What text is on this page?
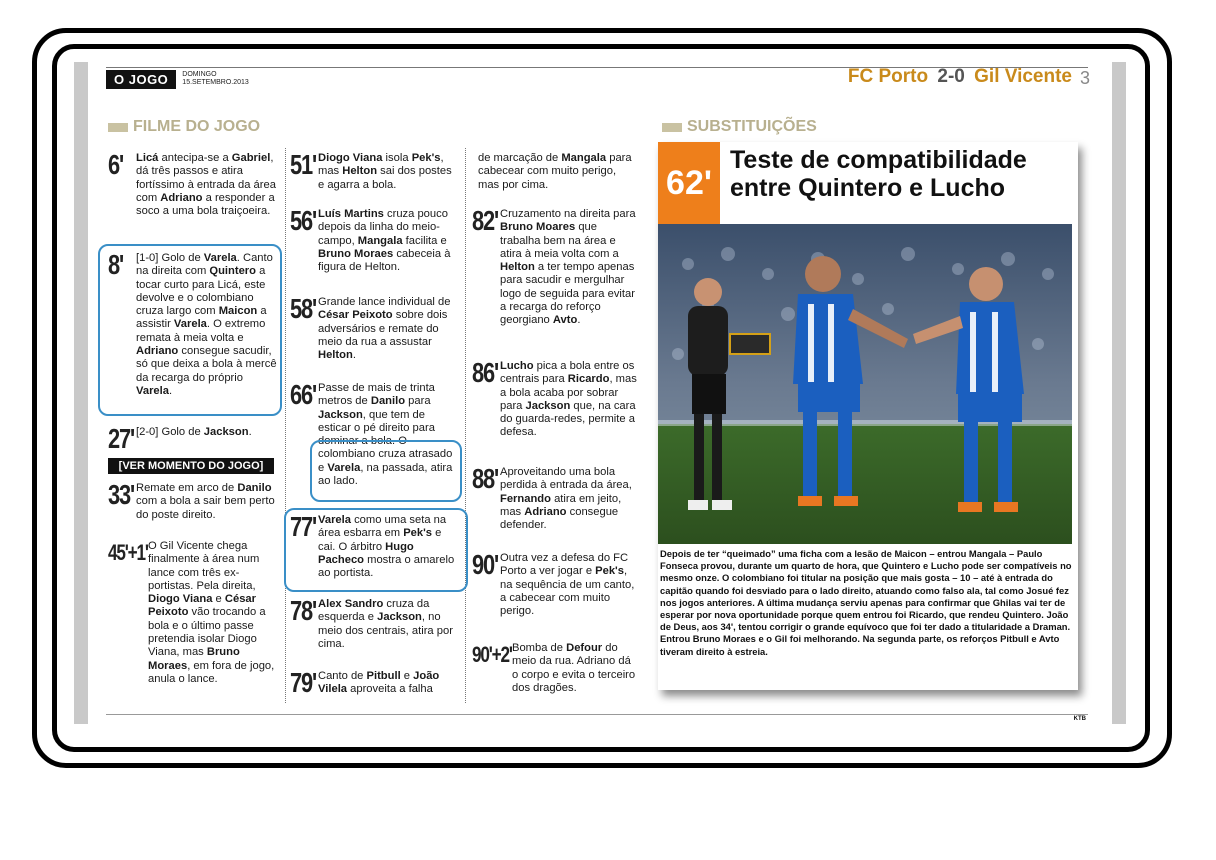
O JOGO	DOMINGO
15.SETEMBRO.2013	FC Porto 2-0 Gil Vicente 3
FILME DO JOGO	SUBSTITUIÇÕES
6'	Licá antecipa-se a Gabriel, dá três passos e atira fortíssimo à entrada da área com Adriano a responder a soco a uma bola traiçoeira.
8'	[1-0] Golo de Varela. Canto na direita com Quintero a tocar curto para Licá, este devolve e o colombiano cruza largo com Maicon a assistir Varela. O extremo remata à meia volta e Adriano consegue sacudir, só que deixa a bola à mercê da recarga do próprio Varela.
27' [2-0] Golo de Jackson.
33' Remate em arco de Danilo com a bola a sair bem perto do poste direito.
45'+1' O Gil Vicente chega finalmente à área num lance com três ex-portistas. Pela direita, Diogo Viana e César Peixoto vão trocando a bola e o último passe pretendia isolar Diogo Viana, mas Bruno Moraes, em fora de jogo, anula o lance.
51' Diogo Viana isola Pek's, mas Helton sai dos postes e agarra a bola.
56' Luís Martins cruza pouco depois da linha do meio-campo, Mangala facilita e Bruno Moraes cabeceia à figura de Helton.
58' Grande lance individual de César Peixoto sobre dois adversários e remate do meio da rua a assustar Helton.
66' Passe de mais de trinta metros de Danilo para Jackson, que tem de esticar o pé direito para dominar a bola. O colombiano cruza atrasado e Varela, na passada, atira ao lado.
77' Varela como uma seta na área esbarra em Pek's e cai. O árbitro Hugo Pacheco mostra o amarelo ao portista.
78' Alex Sandro cruza da esquerda e Jackson, no meio dos centrais, atira por cima.
79' Canto de Pitbull e João Vilela aproveita a falha
de marcação de Mangala para cabecear com muito perigo, mas por cima.
82' Cruzamento na direita para Bruno Moares que trabalha bem na área e atira à meia volta com a Helton a ter tempo apenas para sacudir e mergulhar logo de seguida para evitar a recarga do reforço georgiano Avto.
86' Lucho pica a bola entre os centrais para Ricardo, mas a bola acaba por sobrar para Jackson que, na cara do guarda-redes, permite a defesa.
88' Aproveitando uma bola perdida à entrada da área, Fernando atira em jeito, mas Adriano consegue defender.
90' Outra vez a defesa do FC Porto a ver jogar e Pek's, na sequência de um canto, a cabecear com muito perigo.
90'+2' Bomba de Defour do meio da rua. Adriano dá o corpo e evita o terceiro dos dragões.
[VER MOMENTO DO JOGO]
62'
Teste de compatibilidade entre Quintero e Lucho
Depois de ter “queimado” uma ficha com a lesão de Maicon – entrou Mangala – Paulo Fonseca provou, durante um quarto de hora, que Quintero e Lucho pode ser compatíveis no mesmo onze. O colombiano foi titular na posição que mais gosta – 10 – até à entrada do capitão quando foi desviado para o lado direito, atuando como falso ala, tal como Josué fez nos jogos anteriores. A última mudança serviu apenas para confirmar que Ghilas vai ter de esperar por nova oportunidade porque quem entrou foi Ricardo, que rendeu Quintero. João de Deus, aos 34', tentou corrigir o grande equívoco que foi ter dado a titularidade a Draman. Entrou Bruno Moraes e o Gil foi melhorando. Na segunda parte, os reforços Pitbull e Avto tiveram direito à estreia.
KTB
